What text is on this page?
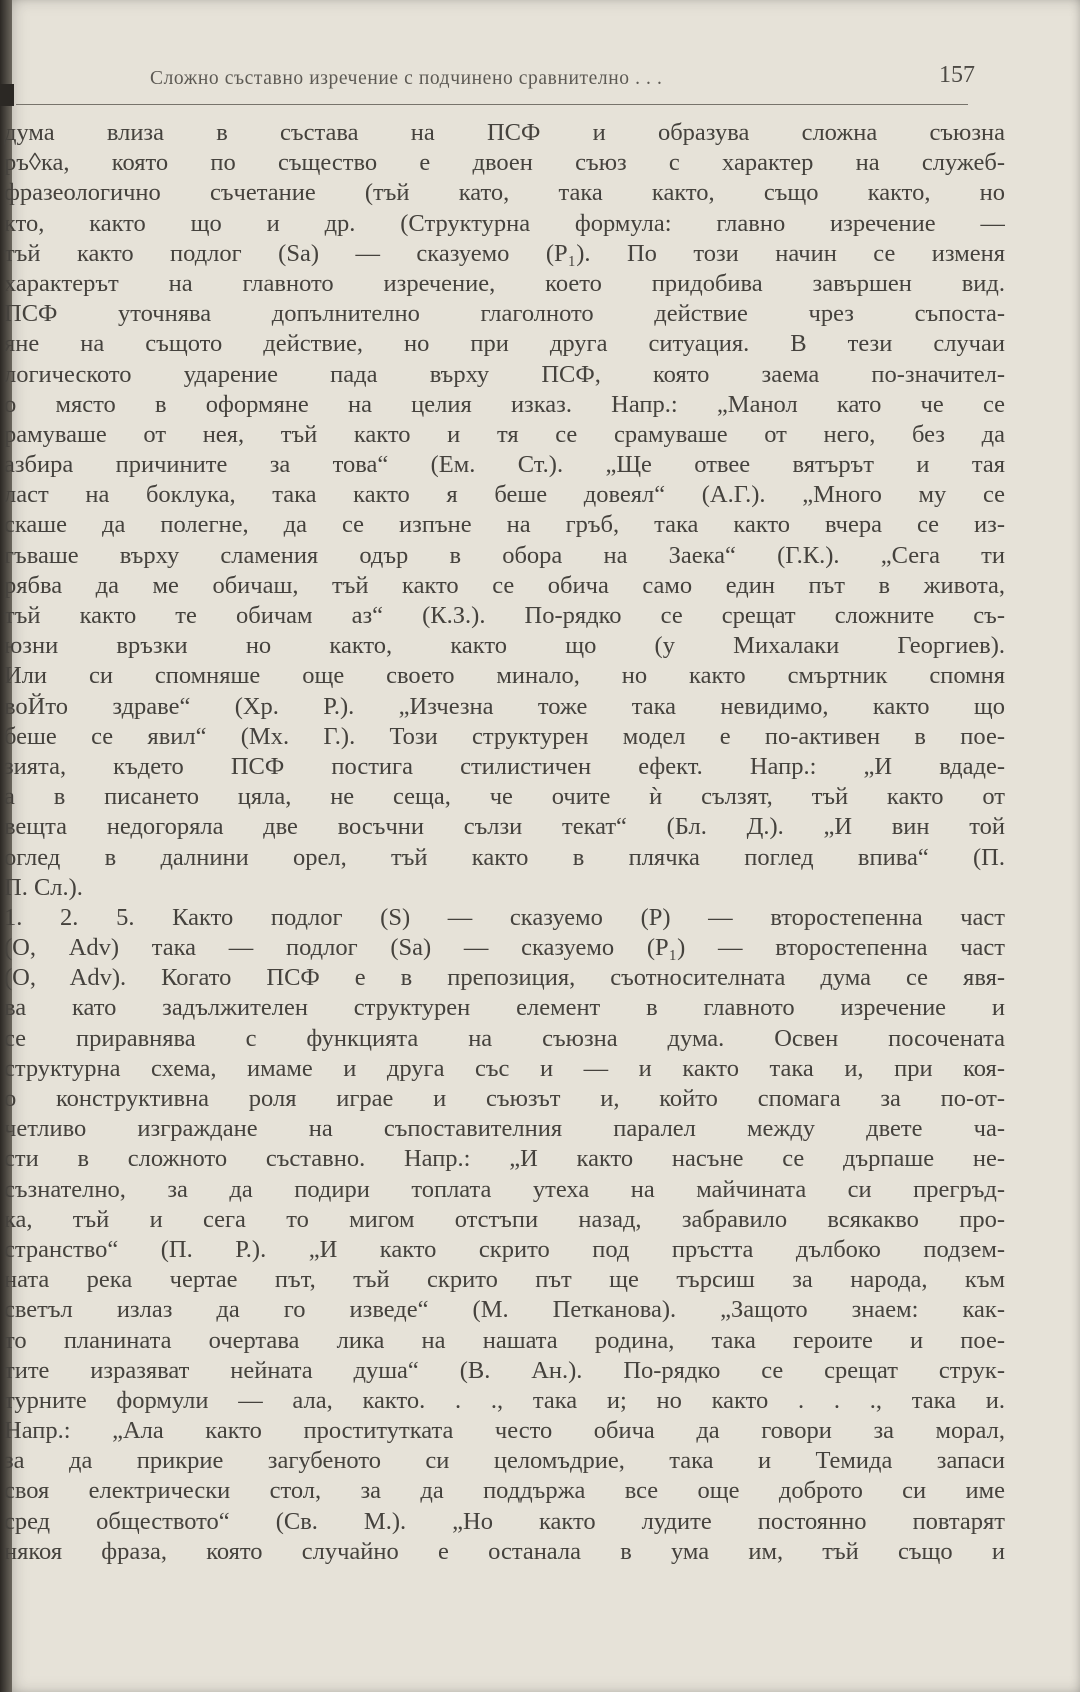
Сложно съставно изречение с подчинено сравнително . . .	157
дума влиза в състава на ПСФ и образува сложна съюзна
ръ◊ка, която по същество е двоен съюз с характер на служеб-
фразеологично съчетание (тъй като, така както, също както, но
кто, както що и др. (Структурна формула: главно изречение —
тъй както подлог (Sa) — сказуемо (P₁). По този начин се изменя
характерът на главното изречение, което придобива завършен вид.
ПСФ уточнява допълнително глаголното действие чрез съпоста-
яне на същото действие, но при друга ситуация. В тези случаи
логическото ударение пада върху ПСФ, която заема по-значител-
о място в оформяне на целия изказ. Напр.: „Манол като че се
рамуваше от нея, тъй както и тя се срамуваше от него, без да
азбира причините за това“ (Ем. Ст.). „Ще отвее вятърът и тая
ласт на боклука, така както я беше довеял“ (А.Г.). „Много му се
скаше да полегне, да се изпъне на гръб, така както вчера се из-
гъваше върху сламения одър в обора на Заека“ (Г.К.). „Сега ти
рябва да ме обичаш, тъй както се обича само един път в живота,
тъй както те обичам аз“ (К.З.). По-рядко се срещат сложните съ-
юзни връзки но както, както що (у Михалаки Георгиев).
Или си спомняше още своето минало, но както смъртник спомня
воЙто здраве“ (Хр. Р.). „Изчезна тоже така невидимо, както що
беше се явил“ (Мх. Г.). Този структурен модел е по-активен в пое-
зията, където ПСФ постига стилистичен ефект. Напр.: „И вдаде-
а в писането цяла, не сеща, че очите ѝ сълзят, тъй както от
вещта недогоряла две восъчни сълзи текат“ (Бл. Д.). „И вин той
оглед в далнини орел, тъй както в плячка поглед впива“ (П.
П. Сл.).
1. 2. 5. Както подлог (S) — сказуемо (P) — второстепенна част
(О, Adv) така — подлог (Sa) — сказуемо (P₁) — второстепенна част
(O, Adv). Когато ПСФ е в препозиция, съотносителната дума се явя-
ва като задължителен структурен елемент в главното изречение и
се приравнява с функцията на съюзна дума. Освен посочената
структурна схема, имаме и друга със и — и както така и, при коя-
о конструктивна роля играе и съюзът и, който спомага за по-от-
четливо изграждане на съпоставителния паралел между двете ча-
сти в сложното съставно. Напр.: „И както насъне се дърпаше не-
съзнателно, за да подири топлата утеха на майчината си прегръд-
ка, тъй и сега то мигом отстъпи назад, забравило всякакво про-
странство“ (П. Р.). „И както скрито под пръстта дълбоко подзем-
ната река чертае път, тъй скрито път ще търсиш за народа, към
светъл излаз да го изведе“ (М. Петканова). „Защото знаем: как-
то планината очертава лика на нашата родина, така героите и пое-
тите изразяват нейната душа“ (В. Ан.). По-рядко се срещат струк-
турните формули — ала, както. . ., така и; но както . . ., така и.
Напр.: „Ала както проститутката често обича да говори за морал,
за да прикрие загубеното си целомъдрие, така и Темида запаси
своя електрически стол, за да поддържа все още доброто си име
сред обществото“ (Св. М.). „Но както лудите постоянно повтарят
някоя фраза, която случайно е останала в ума им, тъй също и
